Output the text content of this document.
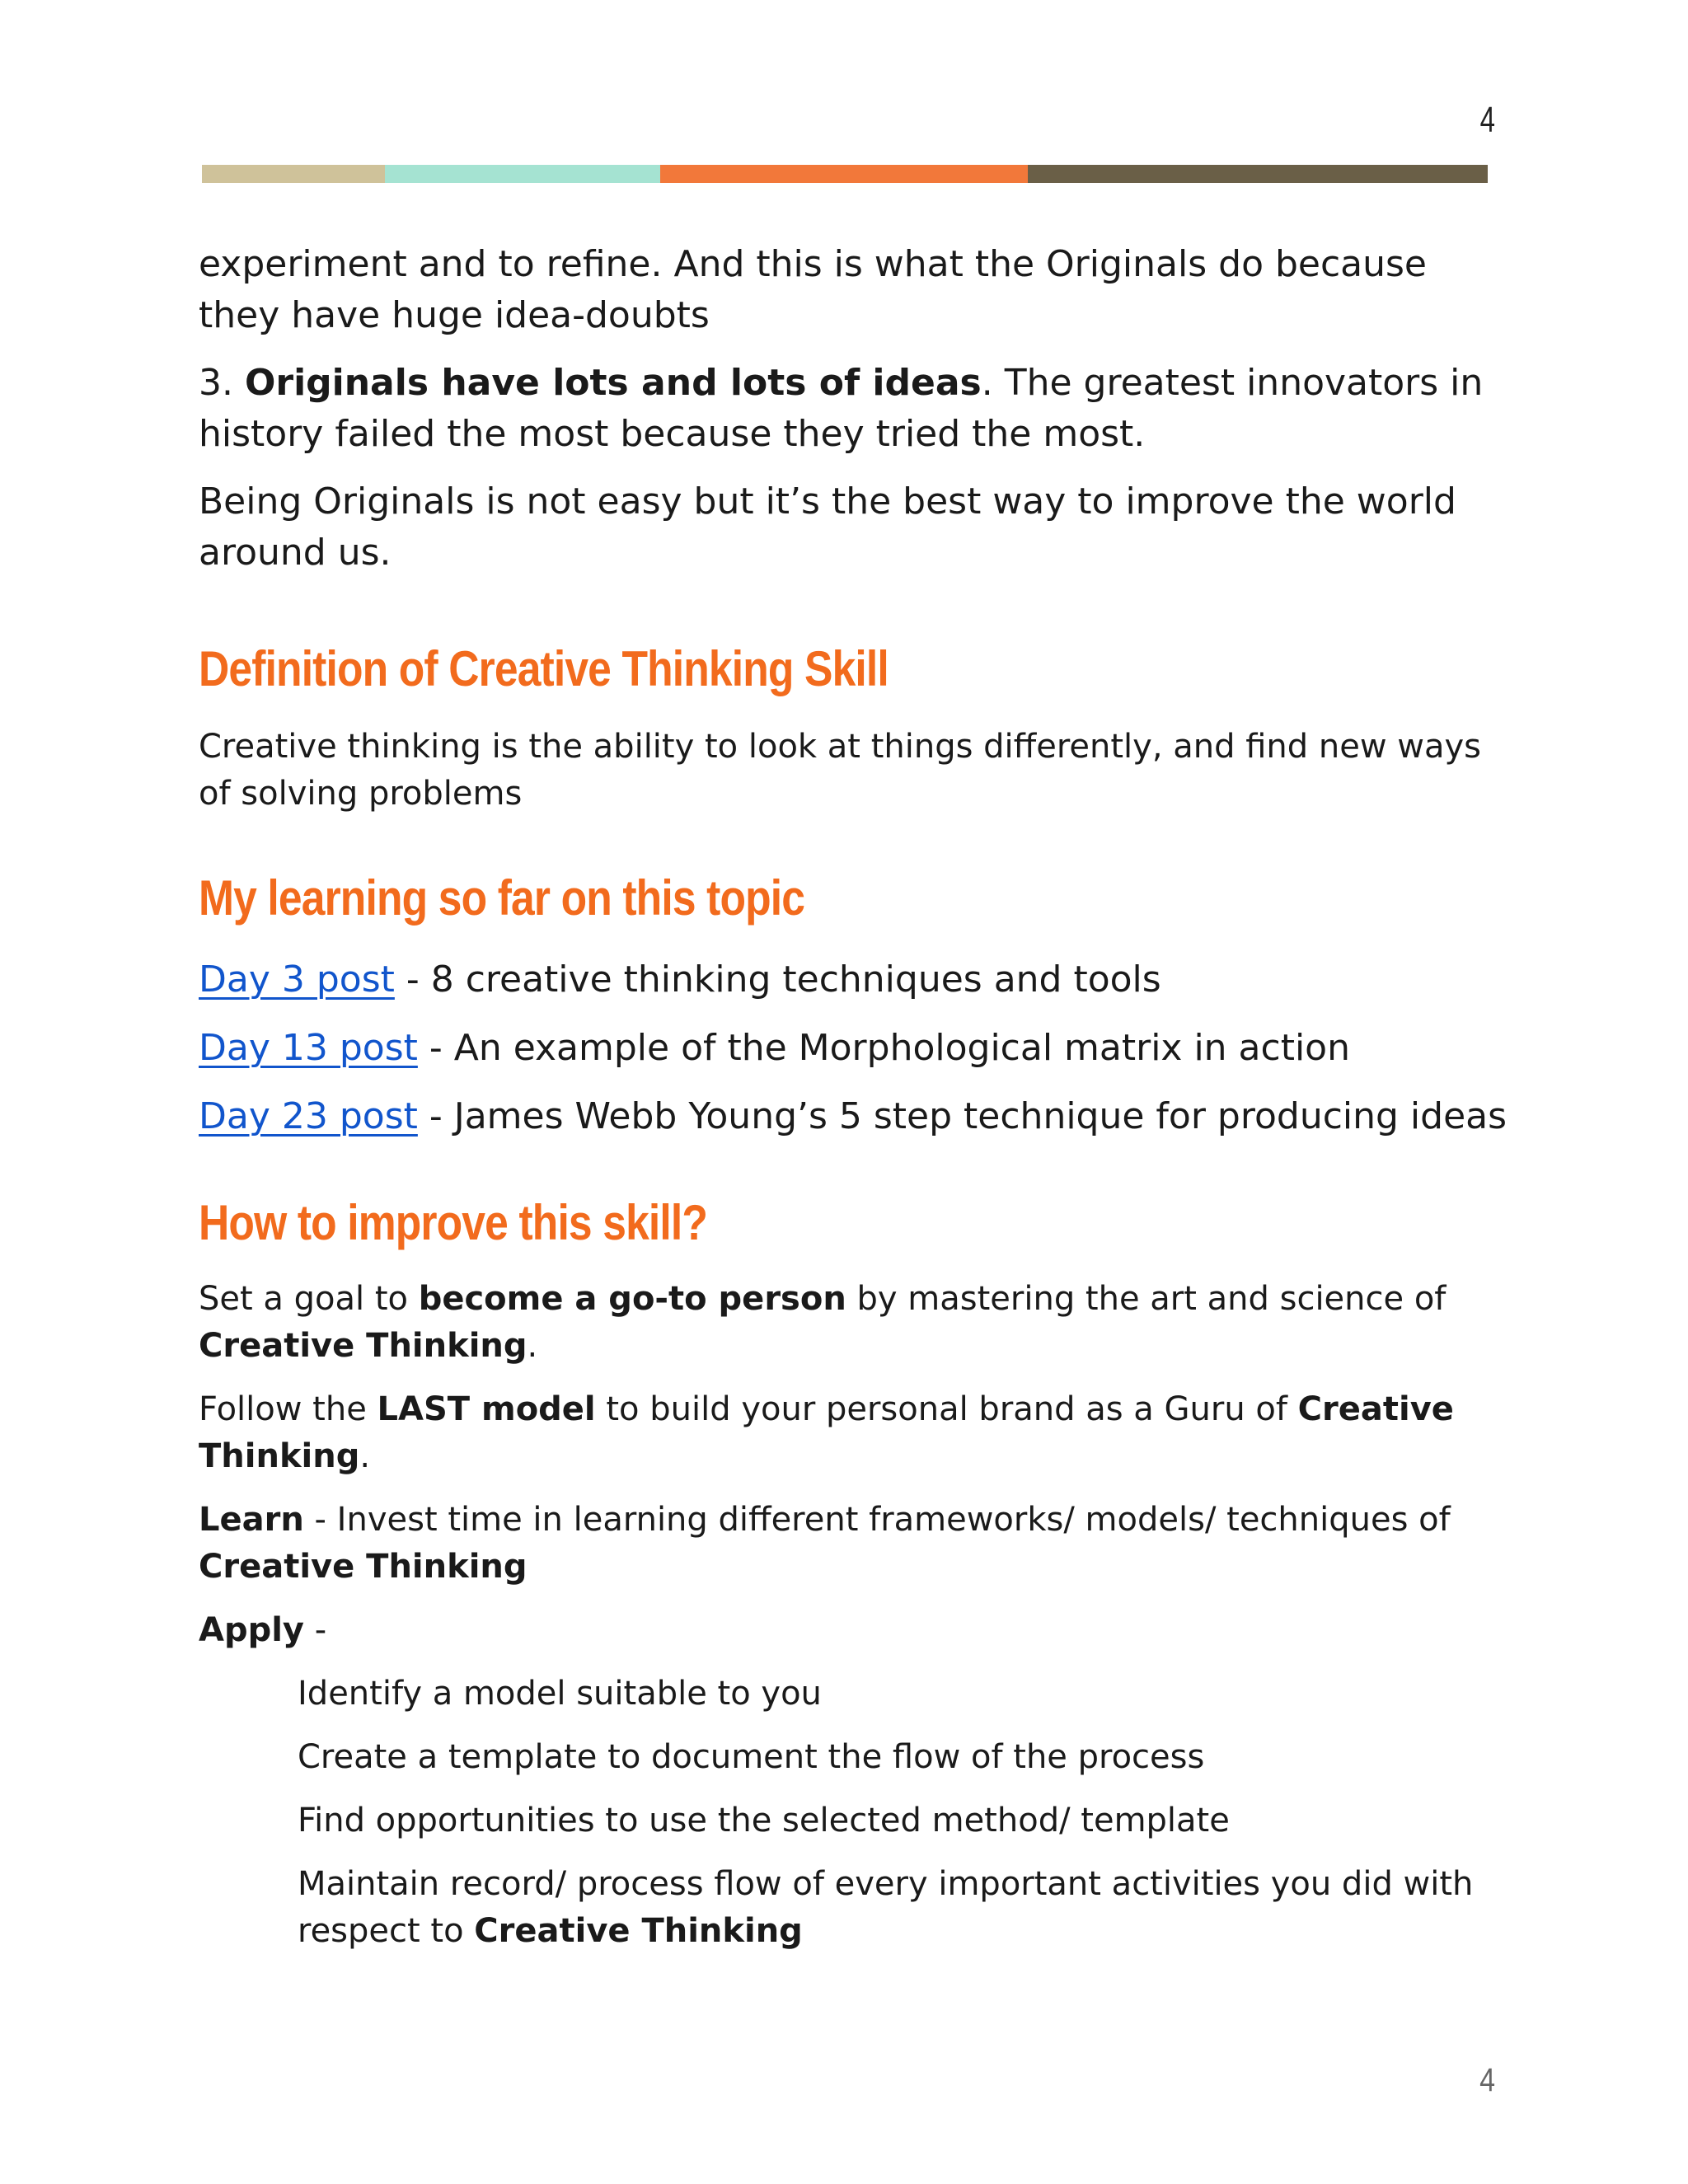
4

experiment and to refine. And this is what the Originals do because they have huge idea-doubts

3. Originals have lots and lots of ideas. The greatest innovators in history failed the most because they tried the most.

Being Originals is not easy but it’s the best way to improve the world around us.

Definition of Creative Thinking Skill

Creative thinking is the ability to look at things differently, and find new ways of solving problems

My learning so far on this topic
Day 3 post - 8 creative thinking techniques and tools
Day 13 post - An example of the Morphological matrix in action
Day 23 post - James Webb Young’s 5 step technique for producing ideas
How to improve this skill?

Set a goal to become a go-to person by mastering the art and science of Creative Thinking.

Follow the LAST model to build your personal brand as a Guru of Creative Thinking.

Learn - Invest time in learning different frameworks/ models/ techniques of Creative Thinking

Apply -

Identify a model suitable to you
Create a template to document the flow of the process
Find opportunities to use the selected method/ template
Maintain record/ process flow of every important activities you did with respect to Creative Thinking
4
